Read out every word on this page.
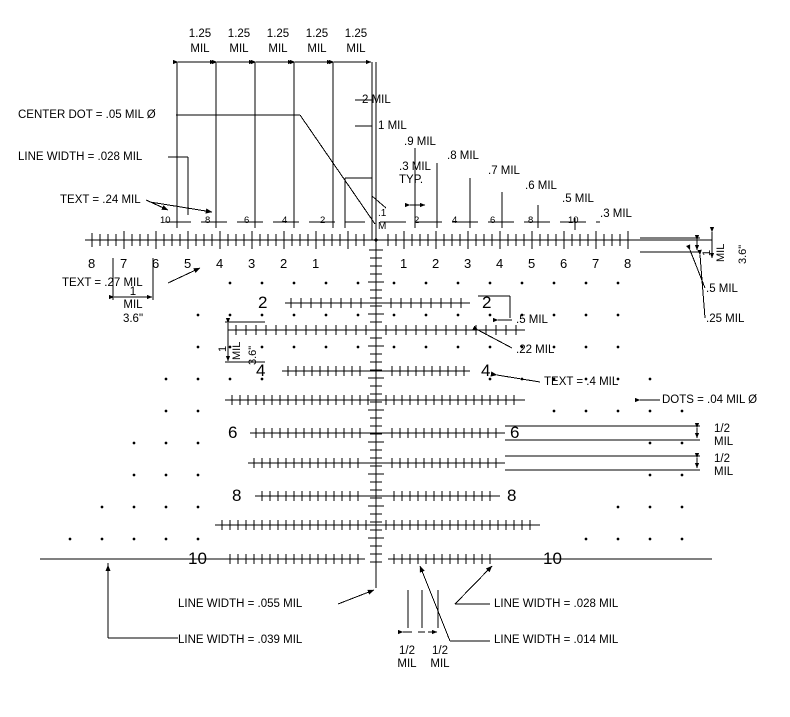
1.25
MIL
1.25
MIL
1.25
MIL
1.25
MIL
1.25
MIL
CENTER DOT = .05 MIL Ø
LINE WIDTH = .028 MIL
TEXT = .24 MIL
TEXT = .27 MIL
2 MIL
1 MIL
.9 MIL
.8 MIL
.7 MIL
.6 MIL
.5 MIL
.3 MIL
.3 MIL
TYP.
.1
M
10	8	6	4	2	2	4	6	8	10
8 7 6 5 4 3 2 1	1 2 3 4 5 6 7 8
2	2
4	4
6	6
8	8
10	10
1
MIL
3.6"
1 MIL 3.6"
1 MIL 3.6"
.5 MIL
.25 MIL
.5 MIL
.22 MIL
TEXT = .4 MIL
DOTS = .04 MIL Ø
1/2
MIL
1/2
MIL
LINE WIDTH = .055 MIL
LINE WIDTH = .039 MIL
LINE WIDTH = .028 MIL
LINE WIDTH = .014 MIL
1/2
MIL
1/2
MIL
